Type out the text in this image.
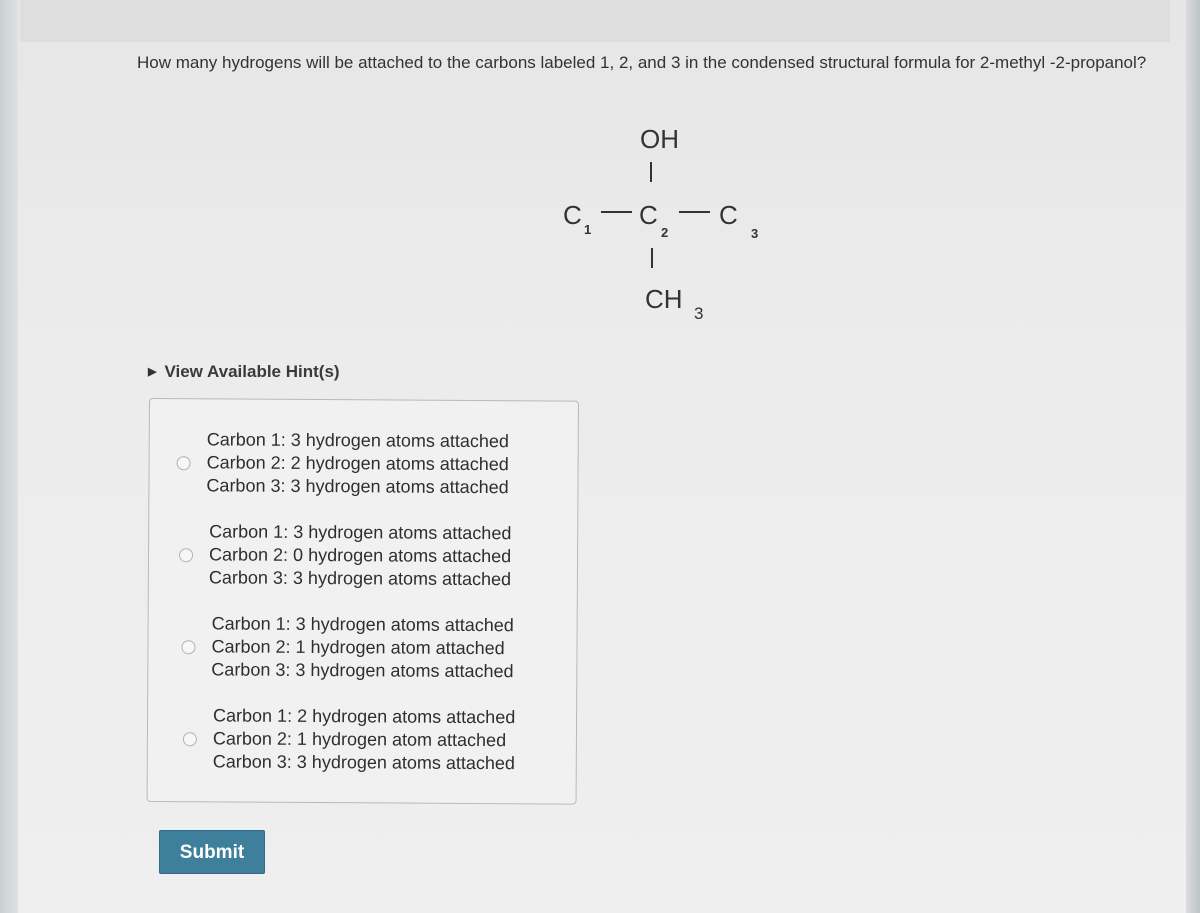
How many hydrogens will be attached to the carbons labeled 1, 2, and 3 in the condensed structural formula for 2-methyl -2-propanol?
OH
C 1 C
2
C
3
CH 3
▶ View Available Hint(s)
Carbon 1: 3 hydrogen atoms attached
Carbon 2: 2 hydrogen atoms attached
Carbon 3: 3 hydrogen atoms attached
Carbon 1: 3 hydrogen atoms attached
Carbon 2: 0 hydrogen atoms attached
Carbon 3: 3 hydrogen atoms attached
Carbon 1: 3 hydrogen atoms attached
Carbon 2: 1 hydrogen atom attached
Carbon 3: 3 hydrogen atoms attached
Carbon 1: 2 hydrogen atoms attached
Carbon 2: 1 hydrogen atom attached
Carbon 3: 3 hydrogen atoms attached
Submit
